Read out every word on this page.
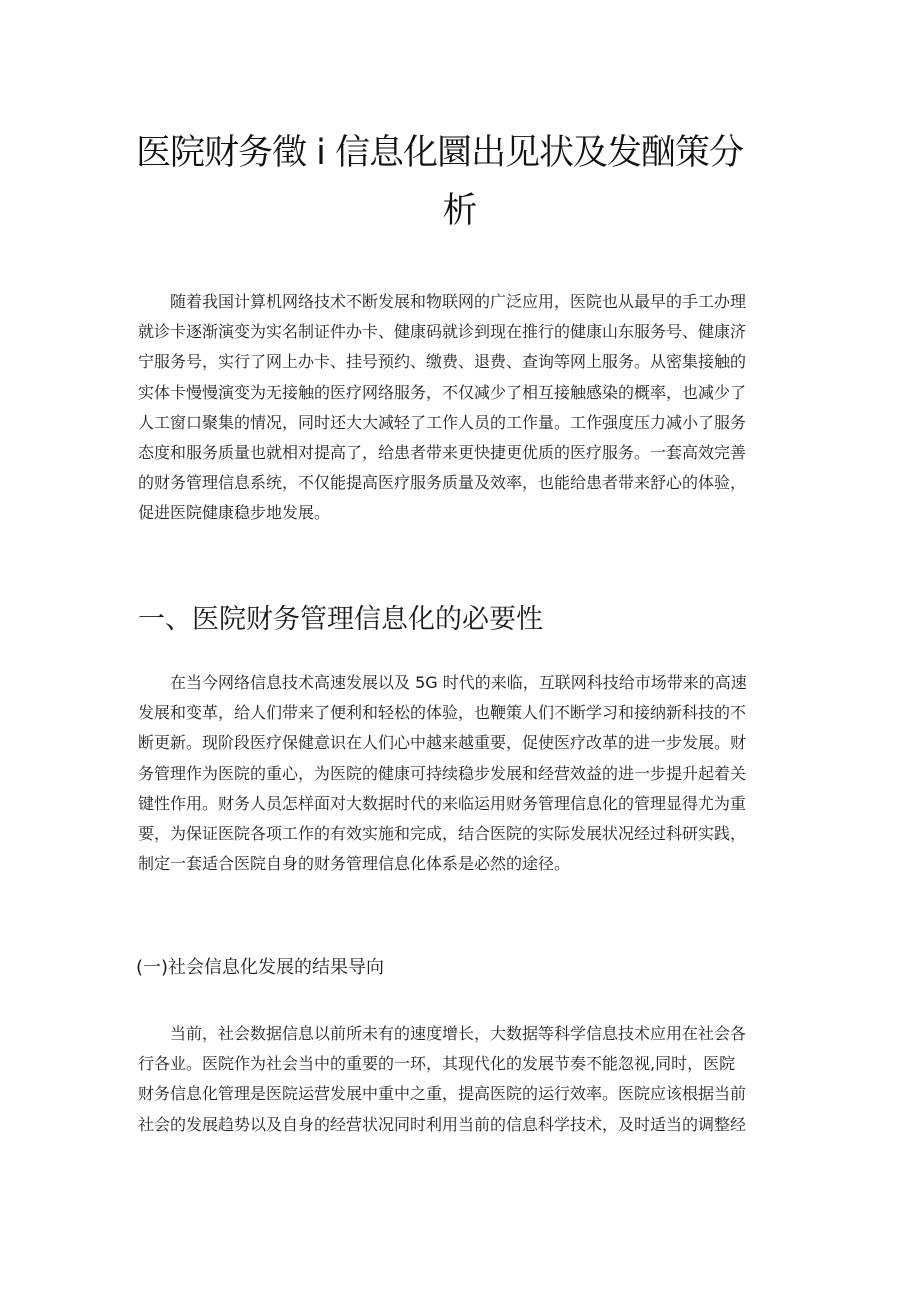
医院财务徵 i 信息化圜出见状及发酗策分
析
随着我国计算机网络技术不断发展和物联网的广泛应用，医院也从最早的手工办理
就诊卡逐渐演变为实名制证件办卡、健康码就诊到现在推行的健康山东服务号、健康济
宁服务号，实行了网上办卡、挂号预约、缴费、退费、查询等网上服务。从密集接触的
实体卡慢慢演变为无接触的医疗网络服务，不仅减少了相互接触感染的概率，也减少了
人工窗口聚集的情况，同时还大大减轻了工作人员的工作量。工作强度压力减小了服务
态度和服务质量也就相对提高了，给患者带来更快捷更优质的医疗服务。一套高效完善
的财务管理信息系统，不仅能提高医疗服务质量及效率，也能给患者带来舒心的体验，
促进医院健康稳步地发展。
一、医院财务管理信息化的必要性
在当今网络信息技术高速发展以及 5G 时代的来临，互联网科技给市场带来的高速
发展和变革，给人们带来了便利和轻松的体验，也鞭策人们不断学习和接纳新科技的不
断更新。现阶段医疗保健意识在人们心中越来越重要，促使医疗改革的进一步发展。财
务管理作为医院的重心，为医院的健康可持续稳步发展和经营效益的进一步提升起着关
键性作用。财务人员怎样面对大数据时代的来临运用财务管理信息化的管理显得尤为重
要，为保证医院各项工作的有效实施和完成，结合医院的实际发展状况经过科研实践，
制定一套适合医院自身的财务管理信息化体系是必然的途径。
(一)社会信息化发展的结果导向
当前，社会数据信息以前所未有的速度增长，大数据等科学信息技术应用在社会各
行各业。医院作为社会当中的重要的一环，其现代化的发展节奏不能忽视,同时，医院
财务信息化管理是医院运营发展中重中之重，提高医院的运行效率。医院应该根据当前
社会的发展趋势以及自身的经营状况同时利用当前的信息科学技术，及时适当的调整经
